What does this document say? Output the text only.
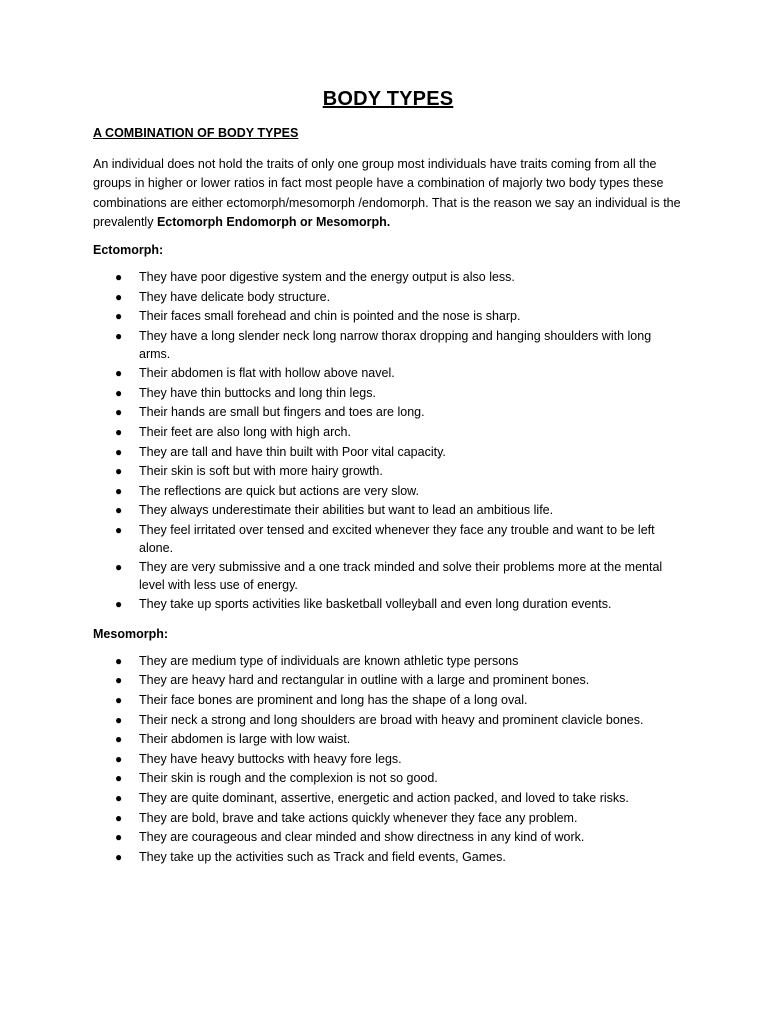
BODY TYPES
A COMBINATION OF BODY TYPES

An individual does not hold the traits of only one group most individuals have traits coming from all the groups in higher or lower ratios in fact most people have a combination of majorly two body types these combinations are either ectomorph/mesomorph /endomorph. That is the reason we say an individual is the prevalently Ectomorph Endomorph or Mesomorph.

Ectomorph:
● They have poor digestive system and the energy output is also less.
● They have delicate body structure.
● Their faces small forehead and chin is pointed and the nose is sharp.
● They have a long slender neck long narrow thorax dropping and hanging shoulders with long arms.
● Their abdomen is flat with hollow above navel.
● They have thin buttocks and long thin legs.
● Their hands are small but fingers and toes are long.
● Their feet are also long with high arch.
● They are tall and have thin built with Poor vital capacity.
● Their skin is soft but with more hairy growth.
● The reflections are quick but actions are very slow.
● They always underestimate their abilities but want to lead an ambitious life.
● They feel irritated over tensed and excited whenever they face any trouble and want to be left alone.
● They are very submissive and a one track minded and solve their problems more at the mental level with less use of energy.
● They take up sports activities like basketball volleyball and even long duration events.
Mesomorph:
● They are medium type of individuals are known athletic type persons
● They are heavy hard and rectangular in outline with a large and prominent bones.
● Their face bones are prominent and long has the shape of a long oval.
● Their neck a strong and long shoulders are broad with heavy and prominent clavicle bones.
● Their abdomen is large with low waist.
● They have heavy buttocks with heavy fore legs.
● Their skin is rough and the complexion is not so good.
● They are quite dominant, assertive, energetic and action packed, and loved to take risks.
● They are bold, brave and take actions quickly whenever they face any problem.
● They are courageous and clear minded and show directness in any kind of work.
● They take up the activities such as Track and field events, Games.
